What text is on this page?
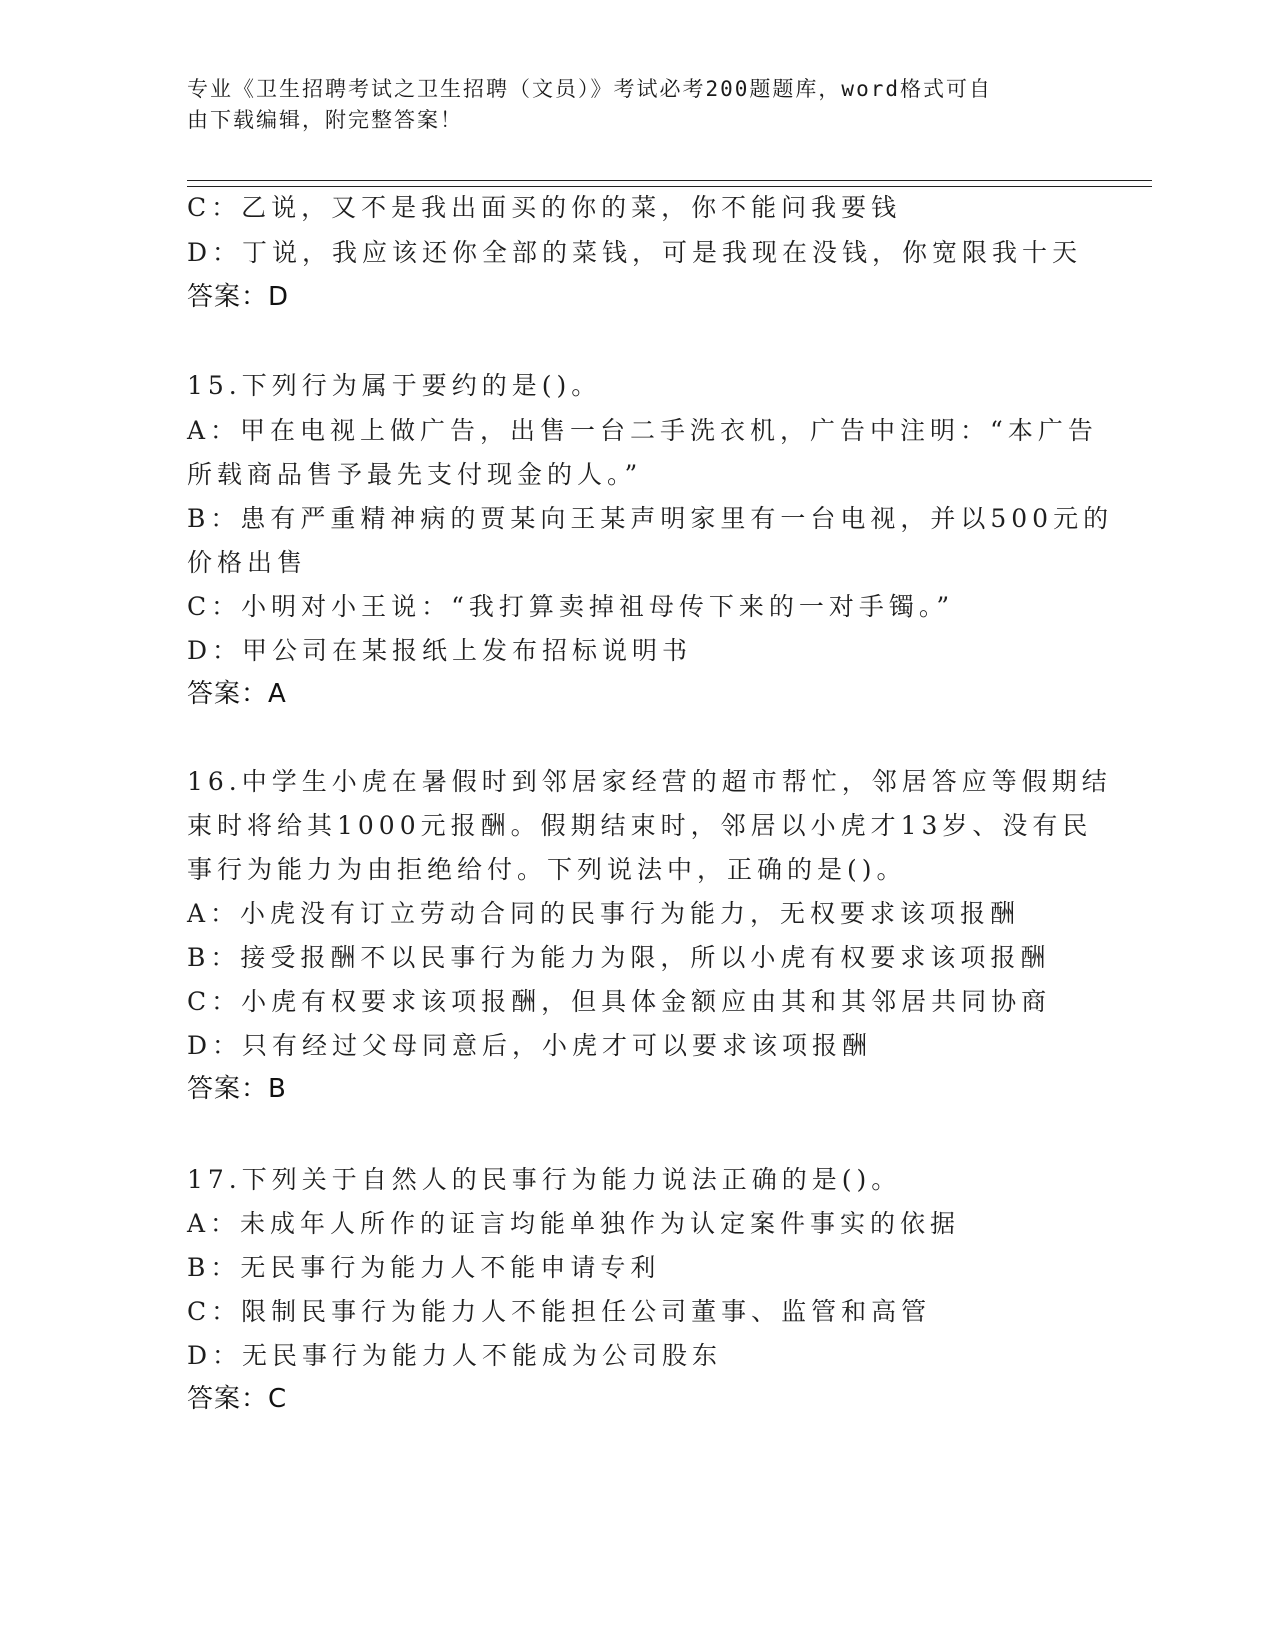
专业《卫生招聘考试之卫生招聘（文员）》考试必考200题题库，word格式可自
由下载编辑，附完整答案！
C：乙说，又不是我出面买的你的菜，你不能问我要钱
D：丁说，我应该还你全部的菜钱，可是我现在没钱，你宽限我十天
答案：D
15.下列行为属于要约的是()。
A：甲在电视上做广告，出售一台二手洗衣机，广告中注明：“本广告
所载商品售予最先支付现金的人。”
B：患有严重精神病的贾某向王某声明家里有一台电视，并以500元的
价格出售
C：小明对小王说：“我打算卖掉祖母传下来的一对手镯。”
D：甲公司在某报纸上发布招标说明书
答案：A
16.中学生小虎在暑假时到邻居家经营的超市帮忙，邻居答应等假期结
束时将给其1000元报酬。假期结束时，邻居以小虎才13岁、没有民
事行为能力为由拒绝给付。下列说法中，正确的是()。
A：小虎没有订立劳动合同的民事行为能力，无权要求该项报酬
B：接受报酬不以民事行为能力为限，所以小虎有权要求该项报酬
C：小虎有权要求该项报酬，但具体金额应由其和其邻居共同协商
D：只有经过父母同意后，小虎才可以要求该项报酬
答案：B
17.下列关于自然人的民事行为能力说法正确的是()。
A：未成年人所作的证言均能单独作为认定案件事实的依据
B：无民事行为能力人不能申请专利
C：限制民事行为能力人不能担任公司董事、监管和高管
D：无民事行为能力人不能成为公司股东
答案：C
